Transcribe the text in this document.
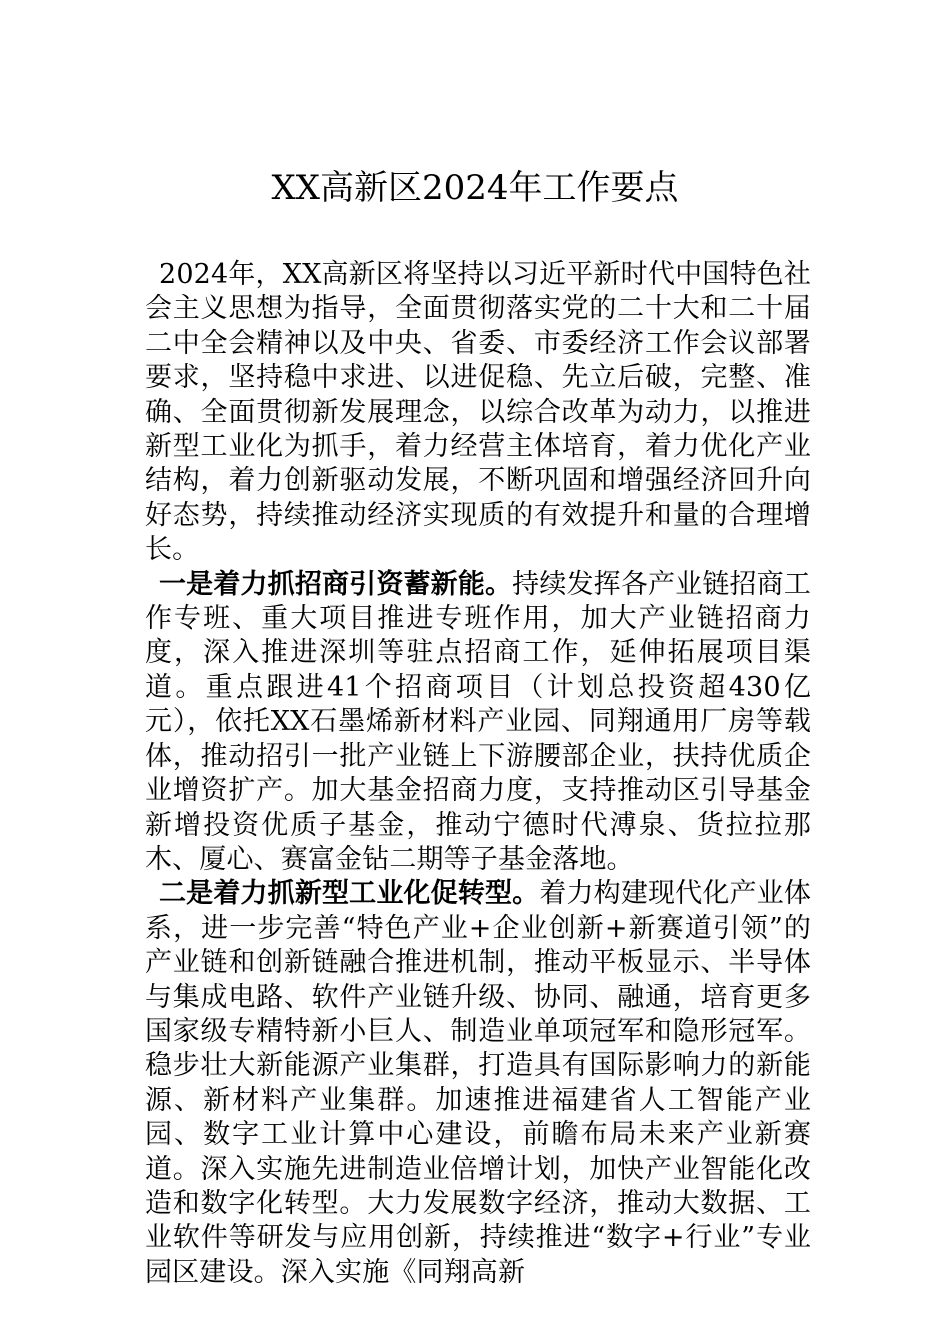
XX高新区2024年工作要点

2024年，XX高新区将坚持以习近平新时代中国特色社会主义思想为指导，全面贯彻落实党的二十大和二十届二中全会精神以及中央、省委、市委经济工作会议部署要求，坚持稳中求进、以进促稳、先立后破，完整、准确、全面贯彻新发展理念，以综合改革为动力，以推进新型工业化为抓手，着力经营主体培育，着力优化产业结构，着力创新驱动发展，不断巩固和增强经济回升向好态势，持续推动经济实现质的有效提升和量的合理增长。

一是着力抓招商引资蓄新能。持续发挥各产业链招商工作专班、重大项目推进专班作用，加大产业链招商力度，深入推进深圳等驻点招商工作，延伸拓展项目渠道。重点跟进41个招商项目（计划总投资超430亿元），依托XX石墨烯新材料产业园、同翔通用厂房等载体，推动招引一批产业链上下游腰部企业，扶持优质企业增资扩产。加大基金招商力度，支持推动区引导基金新增投资优质子基金，推动宁德时代溥泉、货拉拉那木、厦心、赛富金钻二期等子基金落地。

二是着力抓新型工业化促转型。着力构建现代化产业体系，进一步完善“特色产业+企业创新+新赛道引领”的产业链和创新链融合推进机制，推动平板显示、半导体与集成电路、软件产业链升级、协同、融通，培育更多国家级专精特新小巨人、制造业单项冠军和隐形冠军。稳步壮大新能源产业集群，打造具有国际影响力的新能源、新材料产业集群。加速推进福建省人工智能产业园、数字工业计算中心建设，前瞻布局未来产业新赛道。深入实施先进制造业倍增计划，加快产业智能化改造和数字化转型。大力发展数字经济，推动大数据、工业软件等研发与应用创新，持续推进“数字+行业”专业园区建设。深入实施《同翔高新
